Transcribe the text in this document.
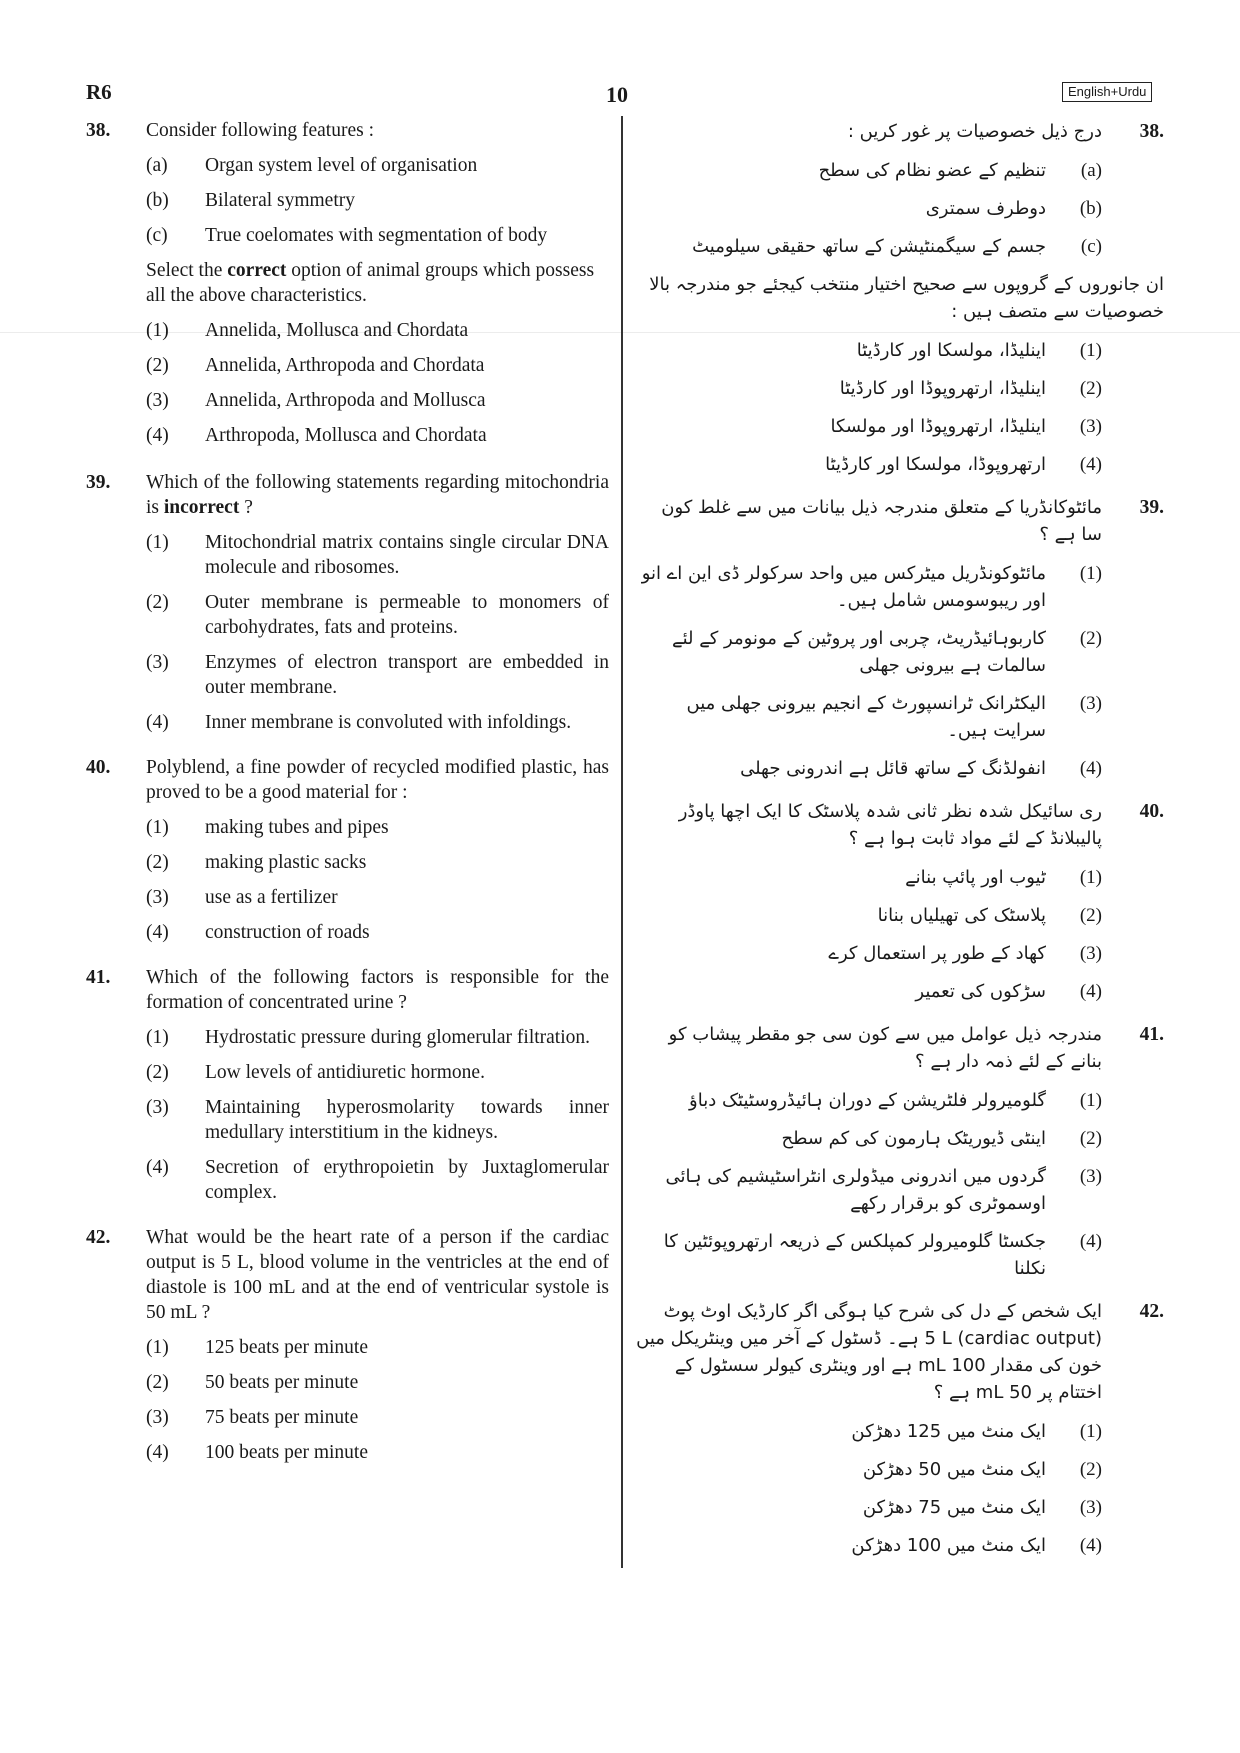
R6	10	English+Urdu
38. Consider following features :
(a) Organ system level of organisation
(b) Bilateral symmetry
(c) True coelomates with segmentation of body
Select the correct option of animal groups which possess all the above characteristics.
(1) Annelida, Mollusca and Chordata
(2) Annelida, Arthropoda and Chordata
(3) Annelida, Arthropoda and Mollusca
(4) Arthropoda, Mollusca and Chordata
39. Which of the following statements regarding mitochondria is incorrect ?
(1) Mitochondrial matrix contains single circular DNA molecule and ribosomes.
(2) Outer membrane is permeable to monomers of carbohydrates, fats and proteins.
(3) Enzymes of electron transport are embedded in outer membrane.
(4) Inner membrane is convoluted with infoldings.
40. Polyblend, a fine powder of recycled modified plastic, has proved to be a good material for :
(1) making tubes and pipes
(2) making plastic sacks
(3) use as a fertilizer
(4) construction of roads
41. Which of the following factors is responsible for the formation of concentrated urine ?
(1) Hydrostatic pressure during glomerular filtration.
(2) Low levels of antidiuretic hormone.
(3) Maintaining hyperosmolarity towards inner medullary interstitium in the kidneys.
(4) Secretion of erythropoietin by Juxtaglomerular complex.
42. What would be the heart rate of a person if the cardiac output is 5 L, blood volume in the ventricles at the end of diastole is 100 mL and at the end of ventricular systole is 50 mL ?
(1) 125 beats per minute
(2) 50 beats per minute
(3) 75 beats per minute
(4) 100 beats per minute
.38
درج ذیل خصوصیات پر غور کریں :
(a)
تنظیم کے عضو نظام کی سطح
(b)
دوطرف سمتری
(c)
جسم کے سیگمنٹیشن کے ساتھ حقیقی سیلومیٹ
ان جانوروں کے گروپوں سے صحیح اختیار منتخب کیجئے جو مندرجہ بالا خصوصیات سے متصف ہیں :
(1)
اینلیڈا، مولسکا اور کارڈیٹا
(2)
اینلیڈا، ارتھروپوڈا اور کارڈیٹا
(3)
اینلیڈا، ارتھروپوڈا اور مولسکا
(4)
ارتھروپوڈا، مولسکا اور کارڈیٹا
.39
مائٹوکانڈریا کے متعلق مندرجہ ذیل بیانات میں سے غلط کون سا ہے ؟
(1)
مائٹوکونڈریل میٹرکس میں واحد سرکولر ڈی این اے انو اور ریبوسومس شامل ہیں۔
(2)
کاربوہائیڈریٹ، چربی اور پروٹین کے مونومر کے لئے سالمات ہے بیرونی جھلی
(3)
الیکٹرانک ٹرانسپورٹ کے انجیم بیرونی جھلی میں سرایت ہیں۔
(4)
انفولڈنگ کے ساتھ قائل ہے اندرونی جھلی
.40
ری سائیکل شدہ نظر ثانی شدہ پلاسٹک کا ایک اچھا پاوڈر پالیبلانڈ کے لئے مواد ثابت ہوا ہے ؟
(1)
ٹیوب اور پائپ بنانے
(2)
پلاسٹک کی تھیلیاں بنانا
(3)
کھاد کے طور پر استعمال کرے
(4)
سڑکوں کی تعمیر
.41
مندرجہ ذیل عوامل میں سے کون سی جو مقطر پیشاب کو بنانے کے لئے ذمہ دار ہے ؟
(1)
گلومیرولر فلٹریشن کے دوران ہائیڈروسٹیٹک دباؤ
(2)
اینٹی ڈیوریٹک ہارمون کی کم سطح
(3)
گردوں میں اندرونی میڈولری انٹراسٹیشیم کی ہائی اوسموٹری کو برقرار رکھے
(4)
جکسٹا گلومیرولر کمپلکس کے ذریعہ ارتھروپوئٹین کا نکلنا
.42
ایک شخص کے دل کی شرح کیا ہوگی اگر کارڈیک اوٹ پوٹ (cardiac output) 5 L ہے۔ ڈسٹول کے آخر میں وینٹریکل میں خون کی مقدار 100 mL ہے اور وینٹری کیولر سسٹول کے اختتام پر 50 mL ہے ؟
(1)
ایک منٹ میں 125 دھڑکن
(2)
ایک منٹ میں 50 دھڑکن
(3)
ایک منٹ میں 75 دھڑکن
(4)
ایک منٹ میں 100 دھڑکن
